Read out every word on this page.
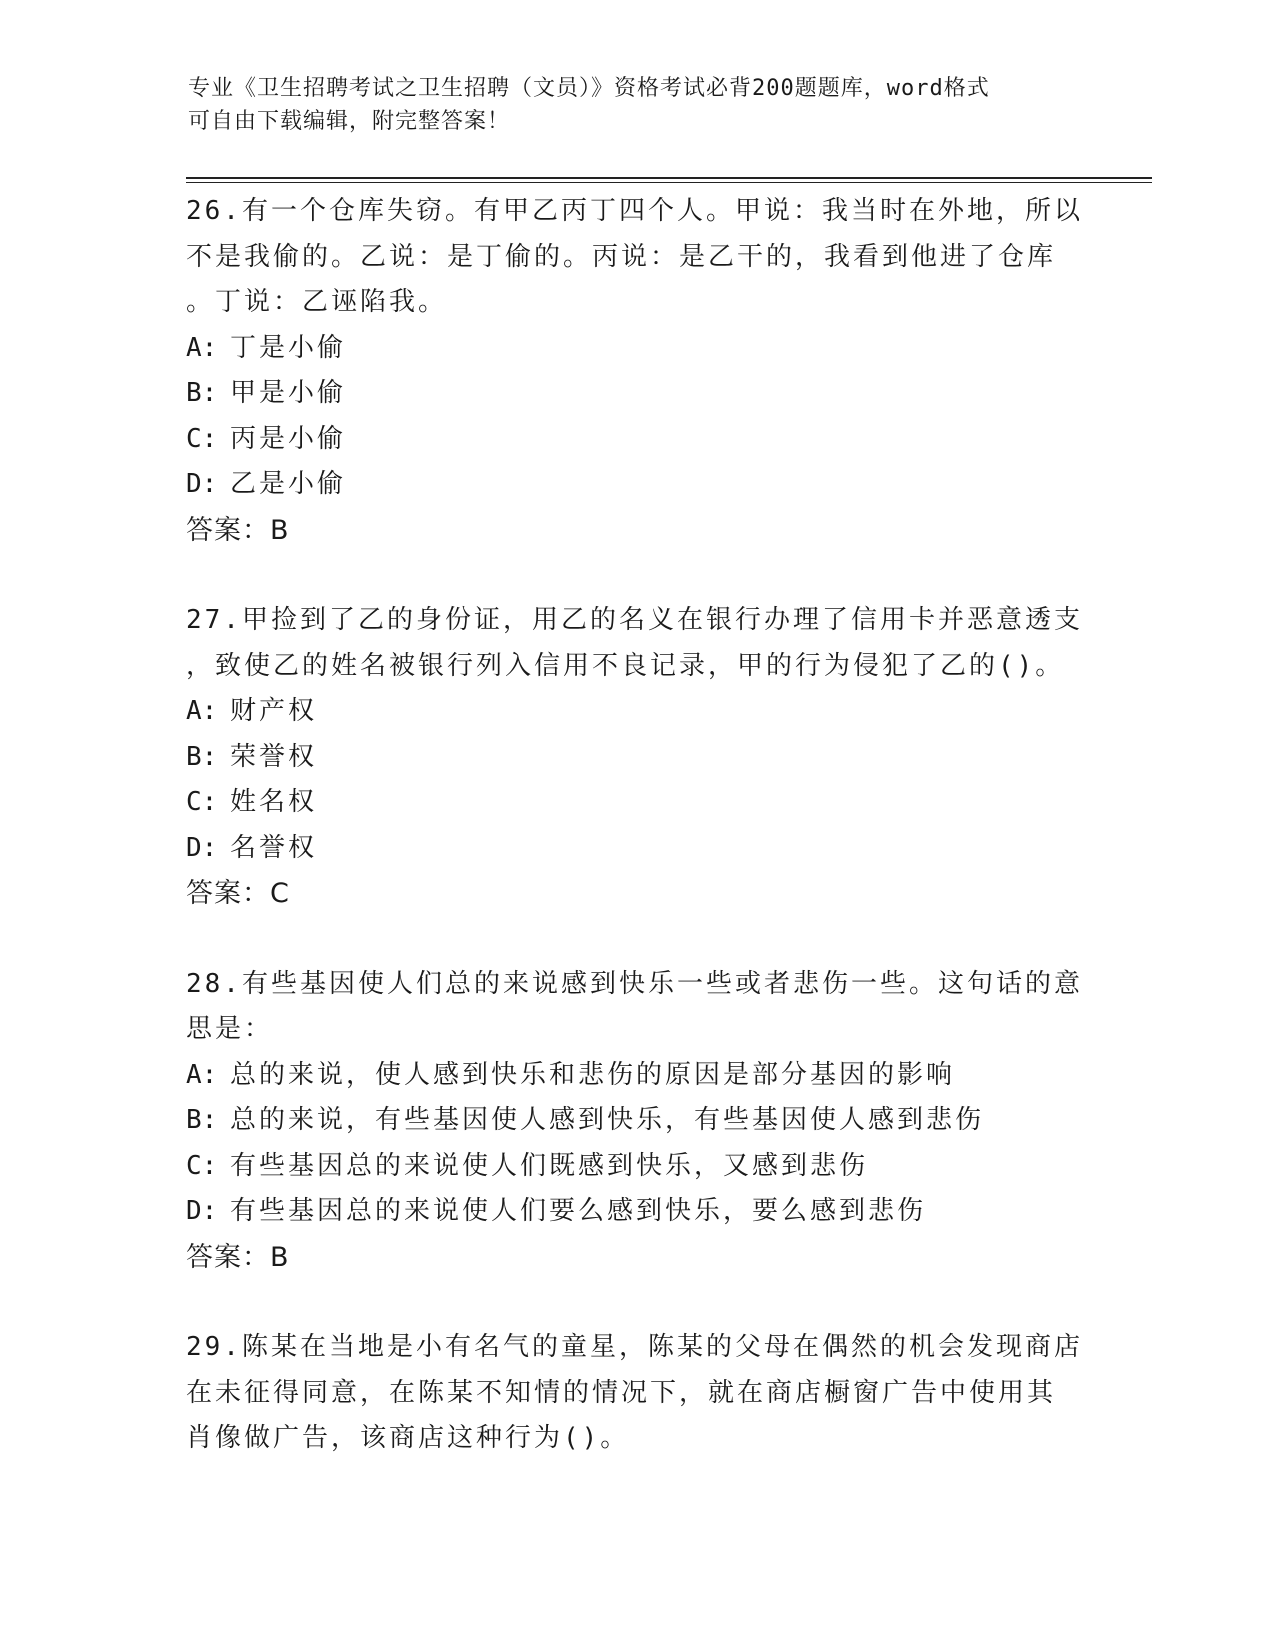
专业《卫生招聘考试之卫生招聘（文员）》资格考试必背200题题库，word格式
可自由下载编辑，附完整答案！
26.有一个仓库失窃。有甲乙丙丁四个人。甲说：我当时在外地，所以
不是我偷的。乙说：是丁偷的。丙说：是乙干的，我看到他进了仓库
。丁说：乙诬陷我。
A: 丁是小偷
B: 甲是小偷
C: 丙是小偷
D: 乙是小偷
答案：B
27.甲捡到了乙的身份证，用乙的名义在银行办理了信用卡并恶意透支
，致使乙的姓名被银行列入信用不良记录，甲的行为侵犯了乙的()。
A: 财产权
B: 荣誉权
C: 姓名权
D: 名誉权
答案：C
28.有些基因使人们总的来说感到快乐一些或者悲伤一些。这句话的意
思是：
A: 总的来说，使人感到快乐和悲伤的原因是部分基因的影响
B: 总的来说，有些基因使人感到快乐，有些基因使人感到悲伤
C: 有些基因总的来说使人们既感到快乐，又感到悲伤
D: 有些基因总的来说使人们要么感到快乐，要么感到悲伤
答案：B
29.陈某在当地是小有名气的童星，陈某的父母在偶然的机会发现商店
在未征得同意，在陈某不知情的情况下，就在商店橱窗广告中使用其
肖像做广告，该商店这种行为()。
